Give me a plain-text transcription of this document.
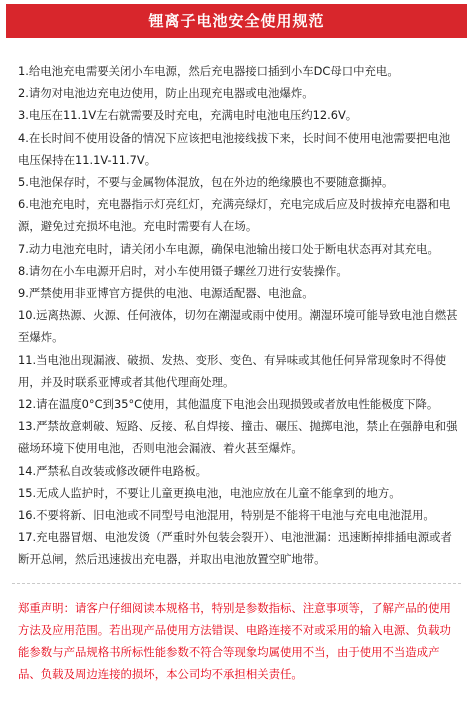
锂离子电池安全使用规范
1.给电池充电需要关闭小车电源，然后充电器接口插到小车DC母口中充电。
2.请勿对电池边充电边使用，防止出现充电器或电池爆炸。
3.电压在11.1V左右就需要及时充电，充满电时电池电压约12.6V。
4.在长时间不使用设备的情况下应该把电池接线拔下来，长时间不使用电池需要把电池电压保持在11.1V-11.7V。
5.电池保存时，不要与金属物体混放，包在外边的绝缘膜也不要随意撕掉。
6.电池充电时，充电器指示灯亮红灯，充满亮绿灯，充电完成后应及时拔掉充电器和电源，避免过充损坏电池。充电时需要有人在场。
7.动力电池充电时，请关闭小车电源，确保电池输出接口处于断电状态再对其充电。
8.请勿在小车电源开启时，对小车使用镊子螺丝刀进行安装操作。
9.严禁使用非亚博官方提供的电池、电源适配器、电池盒。
10.远离热源、火源、任何液体，切勿在潮湿或雨中使用。潮湿环境可能导致电池自燃甚至爆炸。
11.当电池出现漏液、破损、发热、变形、变色、有异味或其他任何异常现象时不得使用，并及时联系亚博或者其他代理商处理。
12.请在温度0°C到35°C使用，其他温度下电池会出现损毁或者放电性能极度下降。
13.严禁故意刺破、短路、反接、私自焊接、撞击、碾压、抛掷电池，禁止在强静电和强磁场环境下使用电池，否则电池会漏液、着火甚至爆炸。
14.严禁私自改装或修改硬件电路板。
15.无成人监护时，不要让儿童更换电池，电池应放在儿童不能拿到的地方。
16.不要将新、旧电池或不同型号电池混用，特别是不能将干电池与充电电池混用。
17.充电器冒烟、电池发烫（严重时外包装会裂开）、电池泄漏：迅速断掉排插电源或者断开总闸，然后迅速拔出充电器，并取出电池放置空旷地带。
郑重声明：请客户仔细阅读本规格书，特别是参数指标、注意事项等，了解产品的使用方法及应用范围。若出现产品使用方法错误、电路连接不对或采用的输入电源、负载功能参数与产品规格书所标性能参数不符合等现象均属使用不当，由于使用不当造成产品、负载及周边连接的损坏，本公司均不承担相关责任。
